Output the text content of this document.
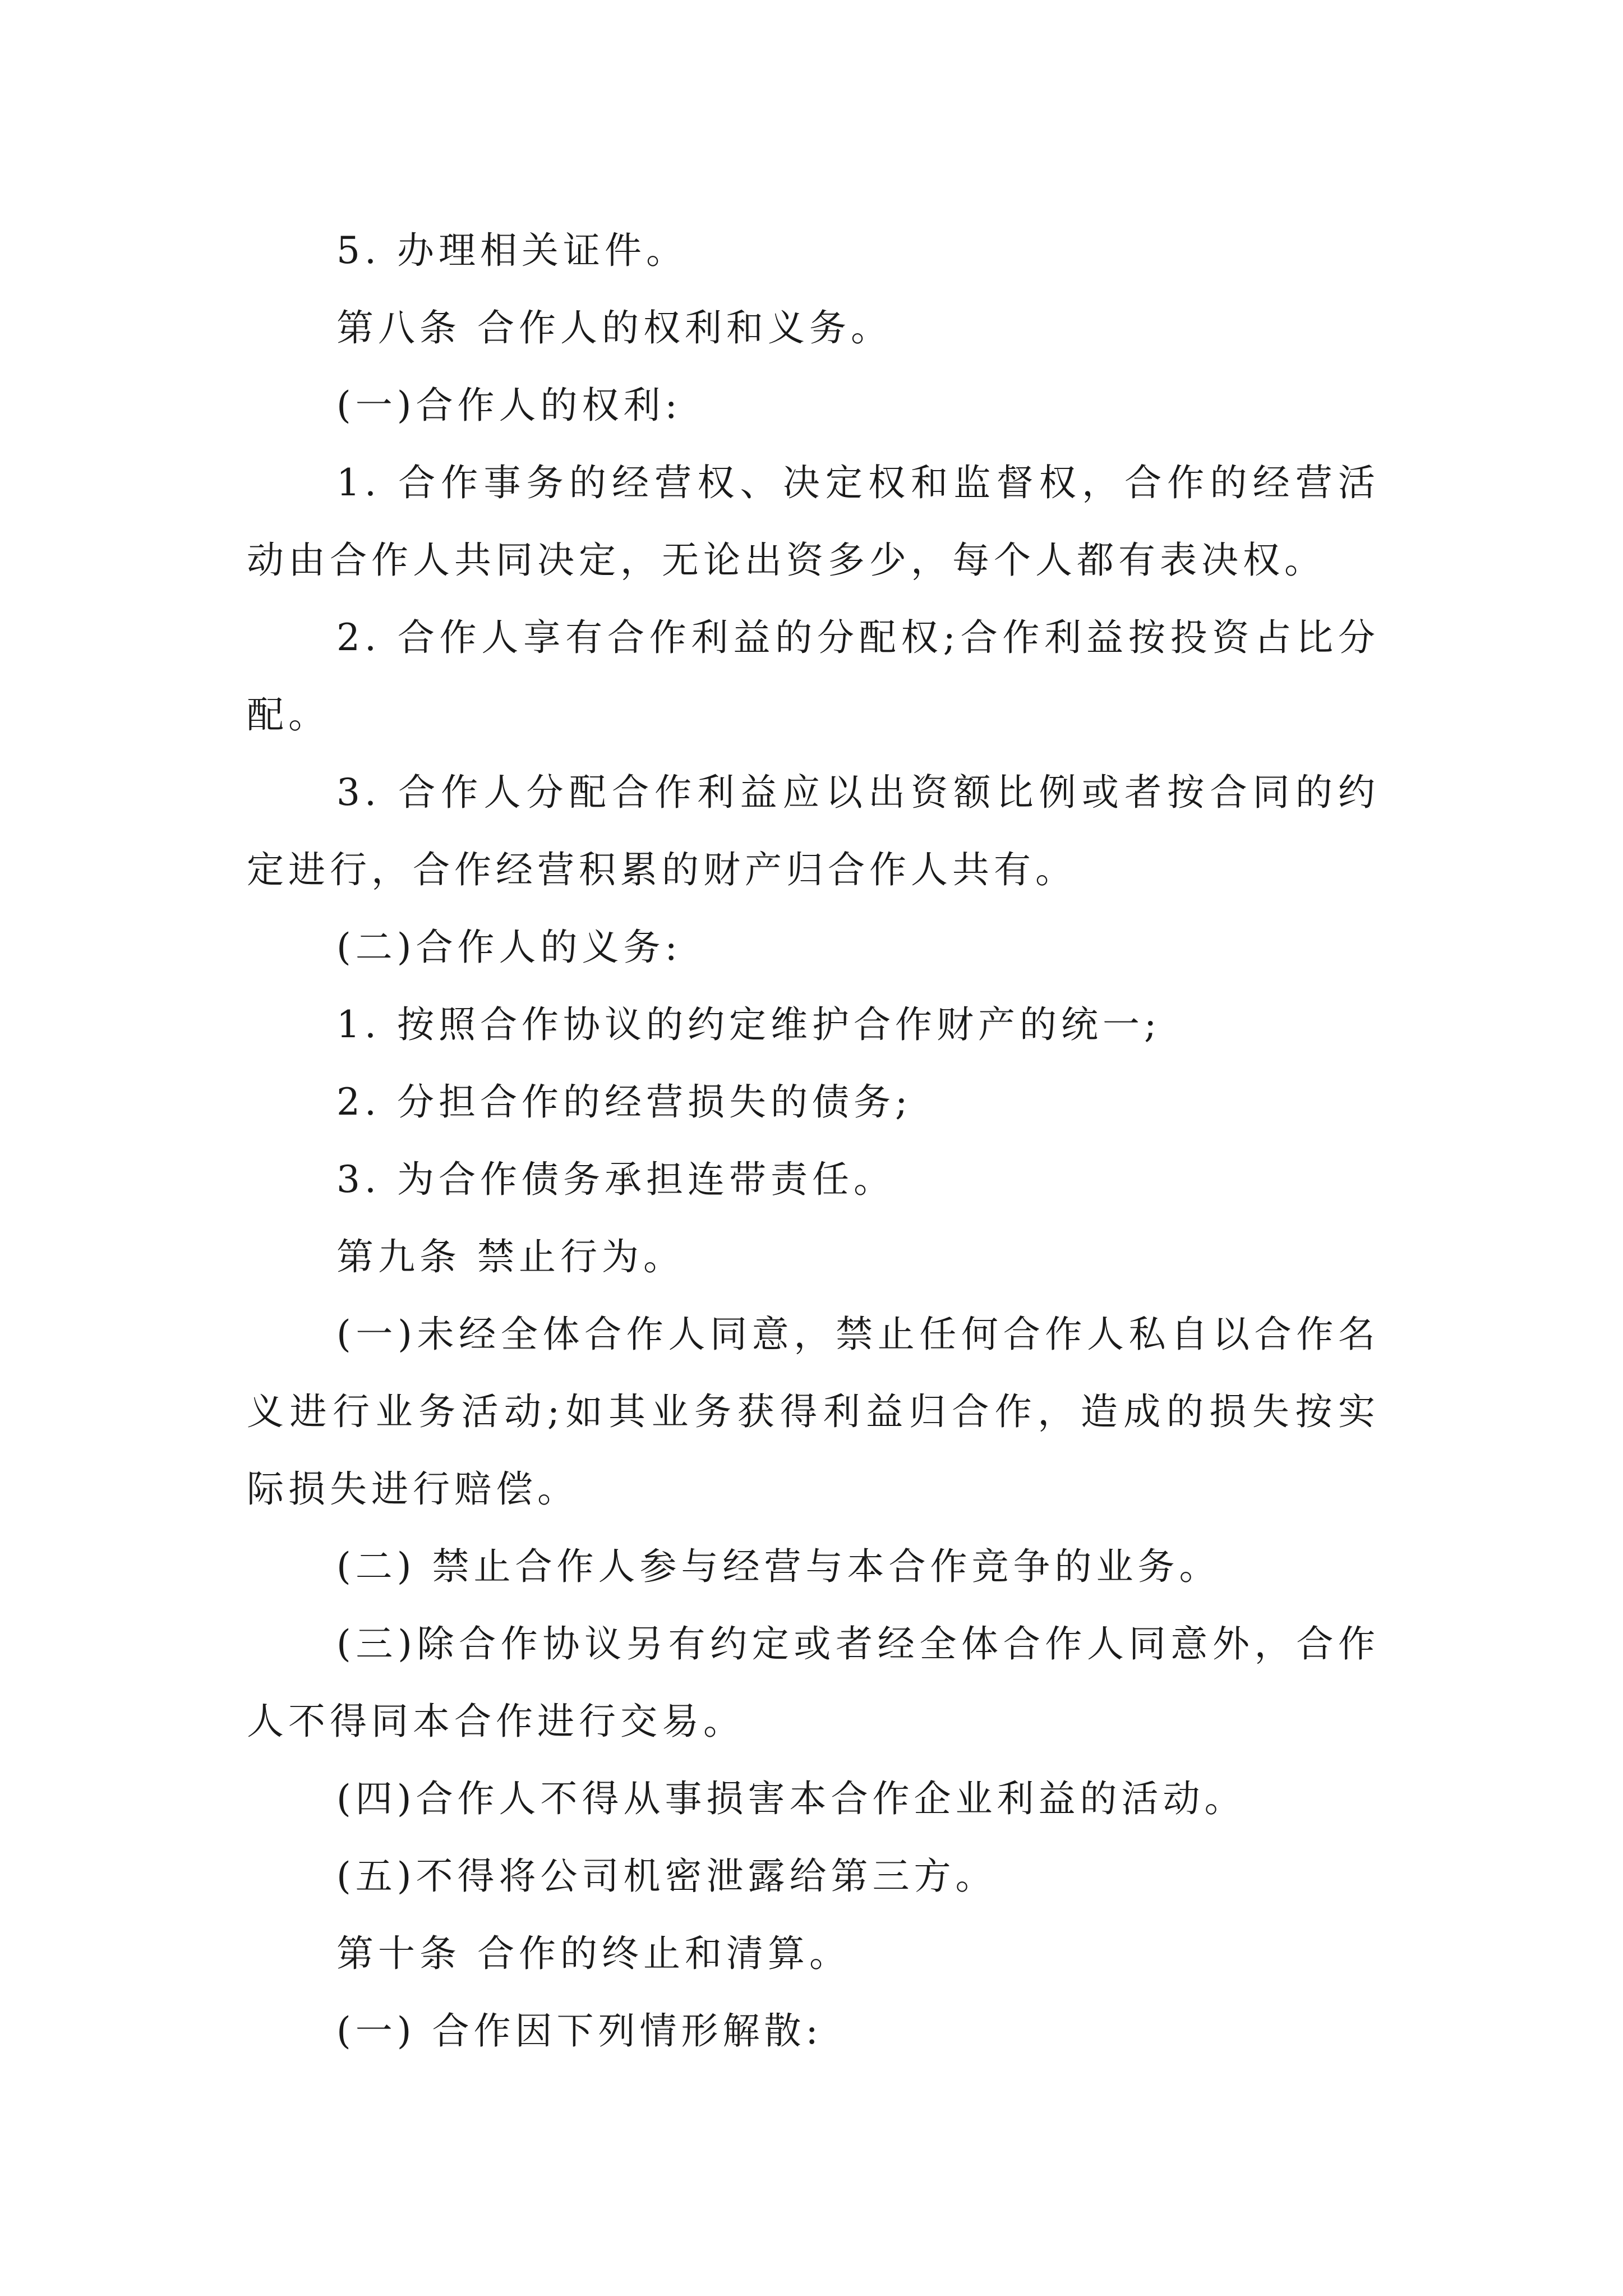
5. 办理相关证件。

第八条 合作人的权利和义务。

(一)合作人的权利:

1. 合作事务的经营权、决定权和监督权，合作的经营活动由合作人共同决定，无论出资多少，每个人都有表决权。

2. 合作人享有合作利益的分配权;合作利益按投资占比分配。

3. 合作人分配合作利益应以出资额比例或者按合同的约定进行，合作经营积累的财产归合作人共有。

(二)合作人的义务:

1. 按照合作协议的约定维护合作财产的统一;

2. 分担合作的经营损失的债务;

3. 为合作债务承担连带责任。

第九条 禁止行为。

(一)未经全体合作人同意，禁止任何合作人私自以合作名义进行业务活动;如其业务获得利益归合作，造成的损失按实际损失进行赔偿。

(二) 禁止合作人参与经营与本合作竞争的业务。

(三)除合作协议另有约定或者经全体合作人同意外，合作人不得同本合作进行交易。

(四)合作人不得从事损害本合作企业利益的活动。

(五)不得将公司机密泄露给第三方。

第十条 合作的终止和清算。

(一) 合作因下列情形解散:
